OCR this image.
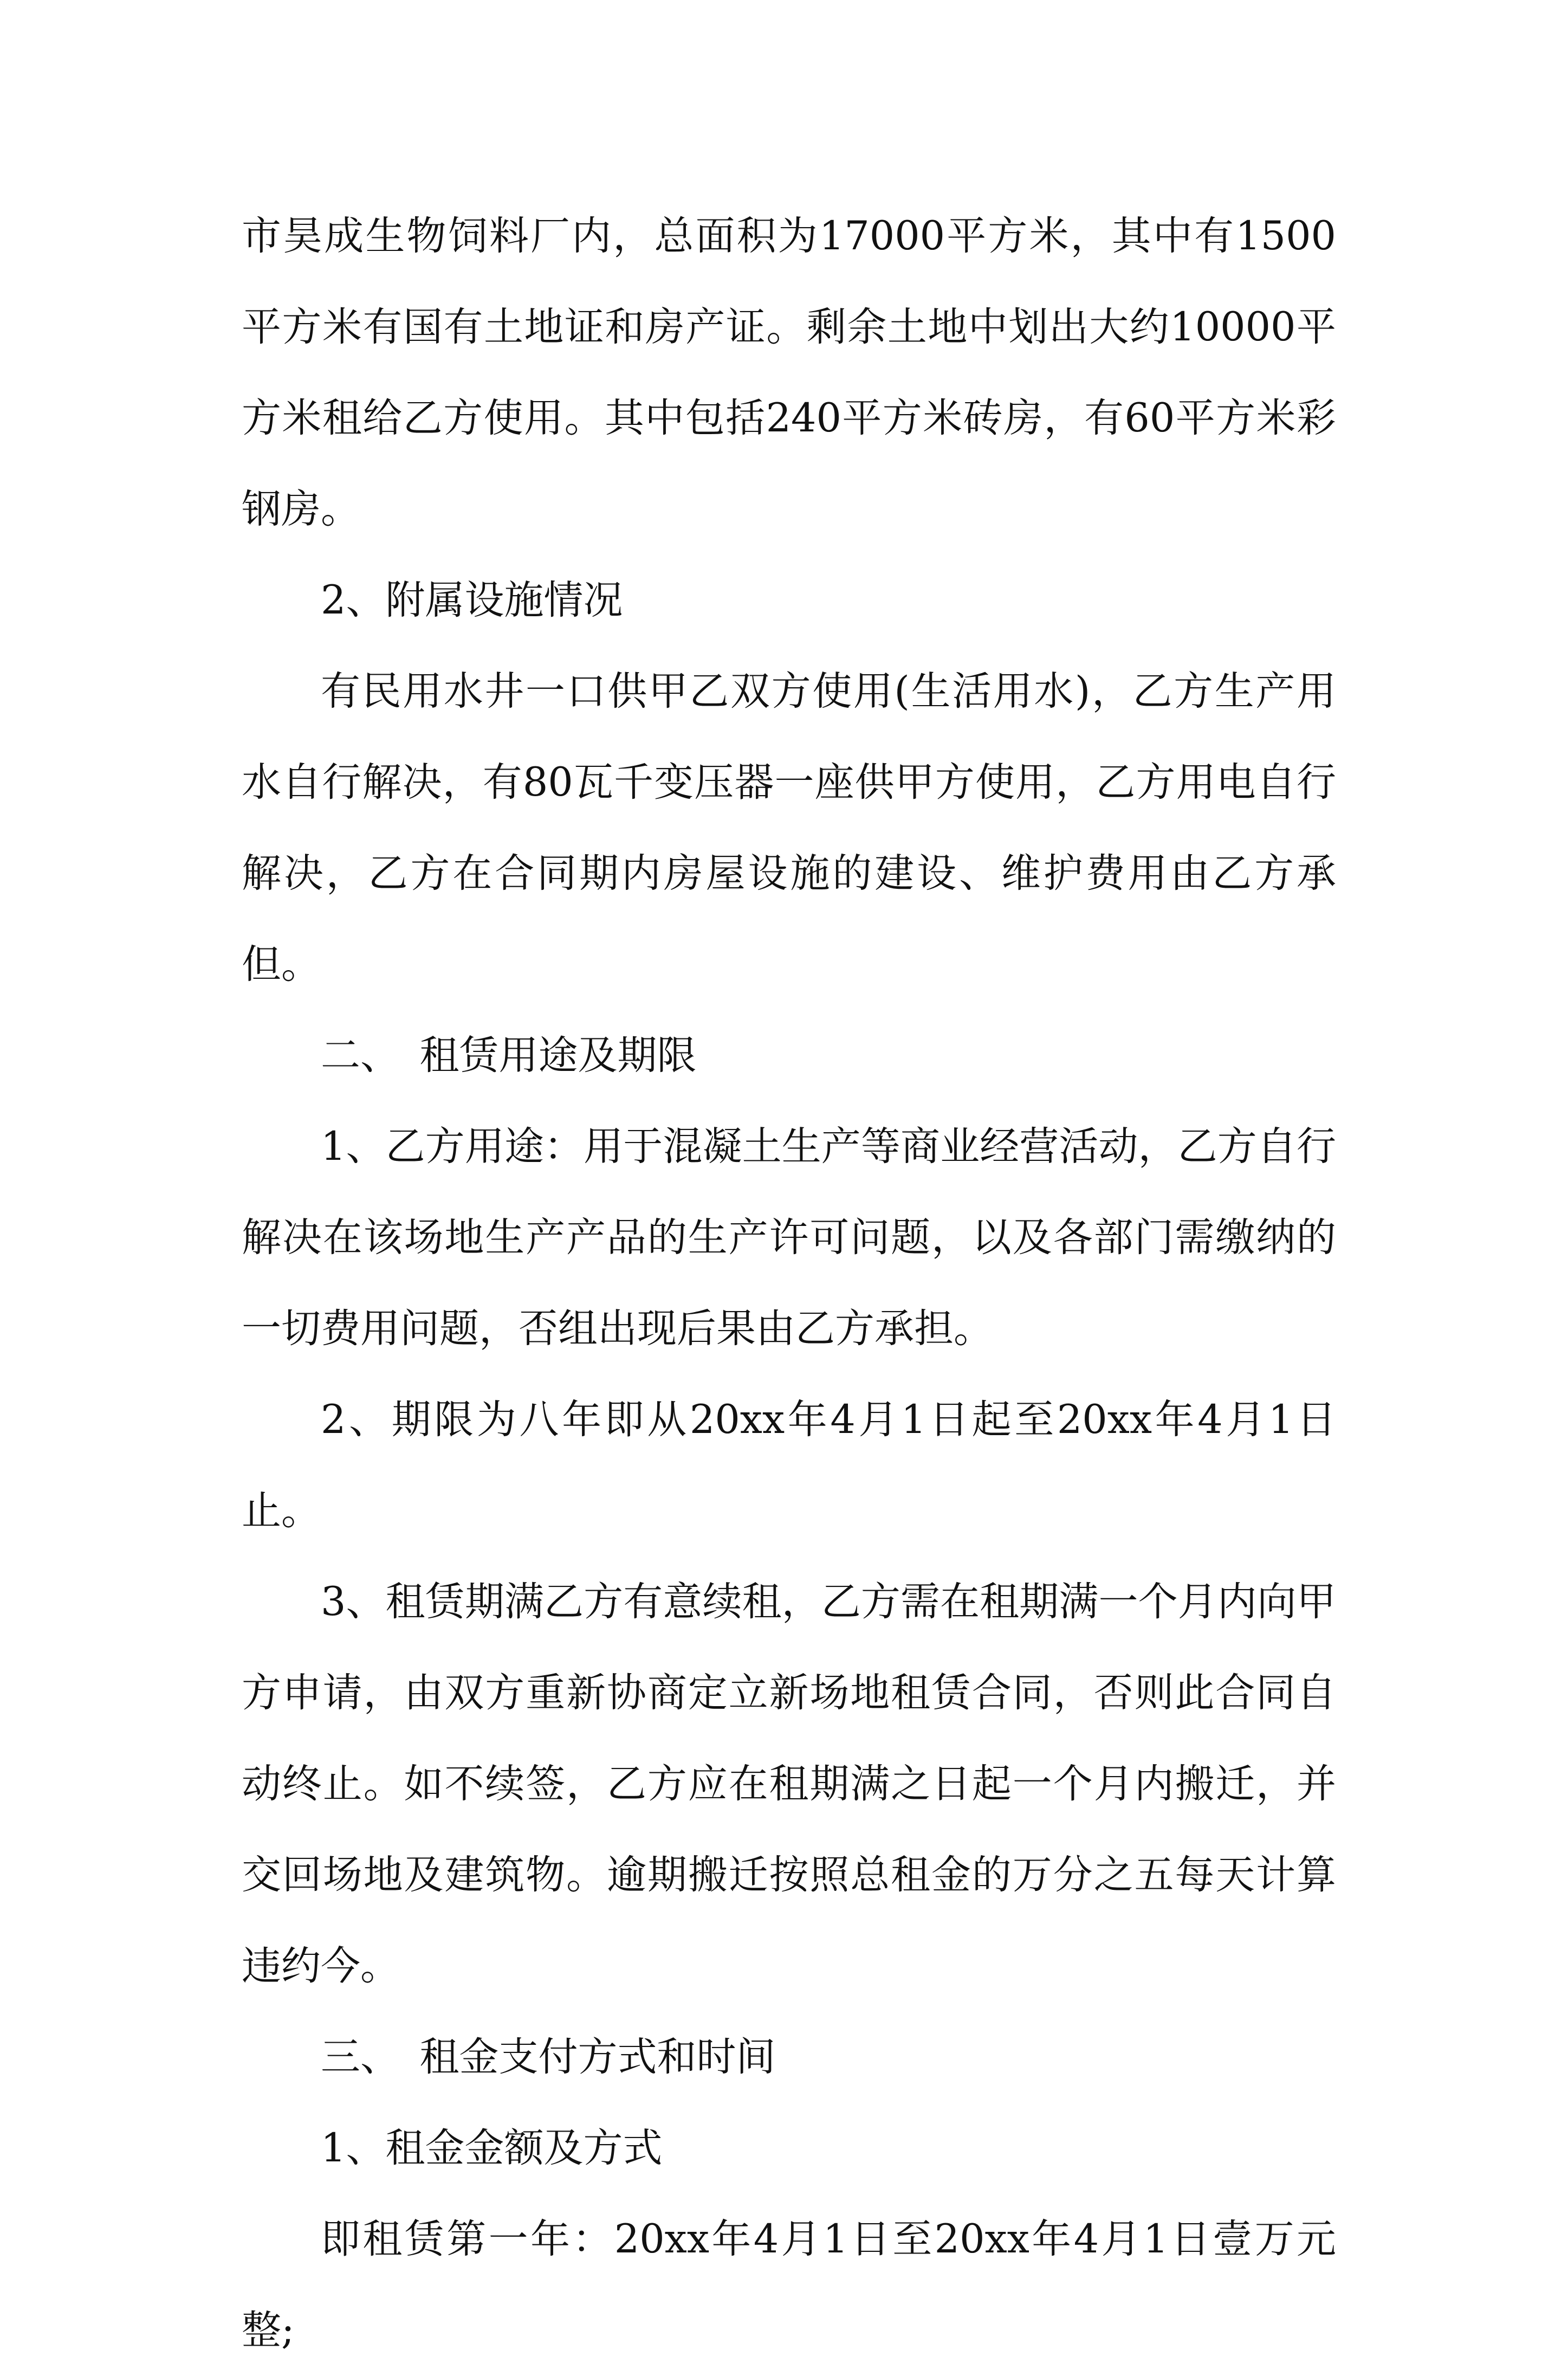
市昊成生物饲料厂内，总面积为17000平方米，其中有1500平方米有国有土地证和房产证。剩余土地中划出大约10000平方米租给乙方使用。其中包括240平方米砖房，有60平方米彩钢房。

2、附属设施情况

有民用水井一口供甲乙双方使用(生活用水)，乙方生产用水自行解决，有80瓦千变压器一座供甲方使用，乙方用电自行解决，乙方在合同期内房屋设施的建设、维护费用由乙方承但。

二、　租赁用途及期限

1、乙方用途：用于混凝土生产等商业经营活动，乙方自行解决在该场地生产产品的生产许可问题，以及各部门需缴纳的一切费用问题，否组出现后果由乙方承担。

2、期限为八年即从20xx年4月1日起至20xx年4月1日止。

3、租赁期满乙方有意续租，乙方需在租期满一个月内向甲方申请，由双方重新协商定立新场地租赁合同，否则此合同自动终止。如不续签，乙方应在租期满之日起一个月内搬迁，并交回场地及建筑物。逾期搬迁按照总租金的万分之五每天计算违约今。

三、　租金支付方式和时间

1、租金金额及方式

即租赁第一年：20xx年4月1日至20xx年4月1日壹万元整;
